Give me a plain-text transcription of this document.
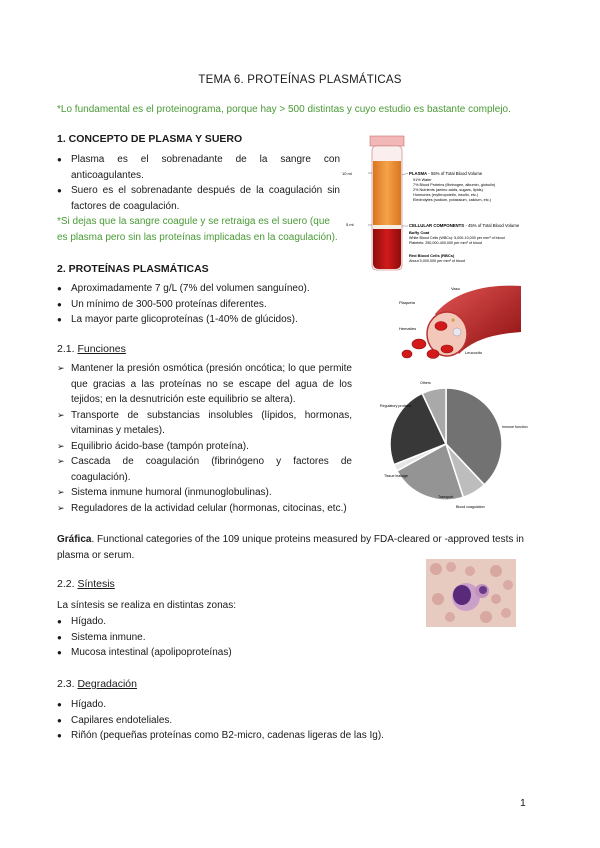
TEMA 6. PROTEÍNAS PLASMÁTICAS
*Lo fundamental es el proteinograma, porque hay > 500 distintas y cuyo estudio es bastante complejo.
1. CONCEPTO DE PLASMA Y SUERO
● Plasma es el sobrenadante de la sangre con anticoagulantes.
● Suero es el sobrenadante después de la coagulación sin factores de coagulación.
*Si dejas que la sangre coagule y se retraiga es el suero (que es plasma pero sin las proteínas implicadas en la coagulación).
2. PROTEÍNAS PLASMÁTICAS
● Aproximadamente 7 g/L (7% del volumen sanguíneo).
● Un mínimo de 300-500 proteínas diferentes.
● La mayor parte glicoproteínas (1-40% de glúcidos).
2.1. Funciones
➢ Mantener la presión osmótica (presión oncótica; lo que permite que gracias a las proteínas no se escape del agua de los tejidos; en la desnutrición este equilibrio se altera).
➢ Transporte de substancias insolubles (lípidos, hormonas, vitaminas y metales).
➢ Equilibrio ácido-base (tampón proteína).
➢ Cascada de coagulación (fibrinógeno y factores de coagulación).
➢ Sistema inmune humoral (inmunoglobulinas).
➢ Reguladores de la actividad celular (hormonas, citocinas, etc.)
Gráfica. Functional categories of the 109 unique proteins measured by FDA-cleared or -approved tests in plasma or serum.
2.2. Síntesis
La síntesis se realiza en distintas zonas:
● Hígado.
● Sistema inmune.
● Mucosa intestinal (apolipoproteínas)
2.3. Degradación
● Hígado.
● Capilares endoteliales.
● Riñón (pequeñas proteínas como B2-micro, cadenas ligeras de las Ig).
1
10 ml
5 ml
PLASMA - 55% of Total Blood Volume
91% Water
7% Blood Proteins (fibrinogen, albumin, globulin)
2% Nutrients (amino acids, sugars, lipids)
Hormones (erythropoietin, insulin, etc.)
Electrolytes (sodium, potassium, calcium, etc.)
CELLULAR COMPONENTS - 45% of Total Blood Volume
Buffy Coat
White Blood Cells (WBCs): 5,000-10,000 per mm³ of blood
Platelets: 250,000-400,000 per mm³ of blood
Red Blood Cells (RBCs)
About 5,000,000 per mm³ of blood
Vaso
Plaqueta
Hematíes
Leucocito
Regulatory proteins
Tissue leakage
Inmune function
Others
Blood coagulation
Transport
